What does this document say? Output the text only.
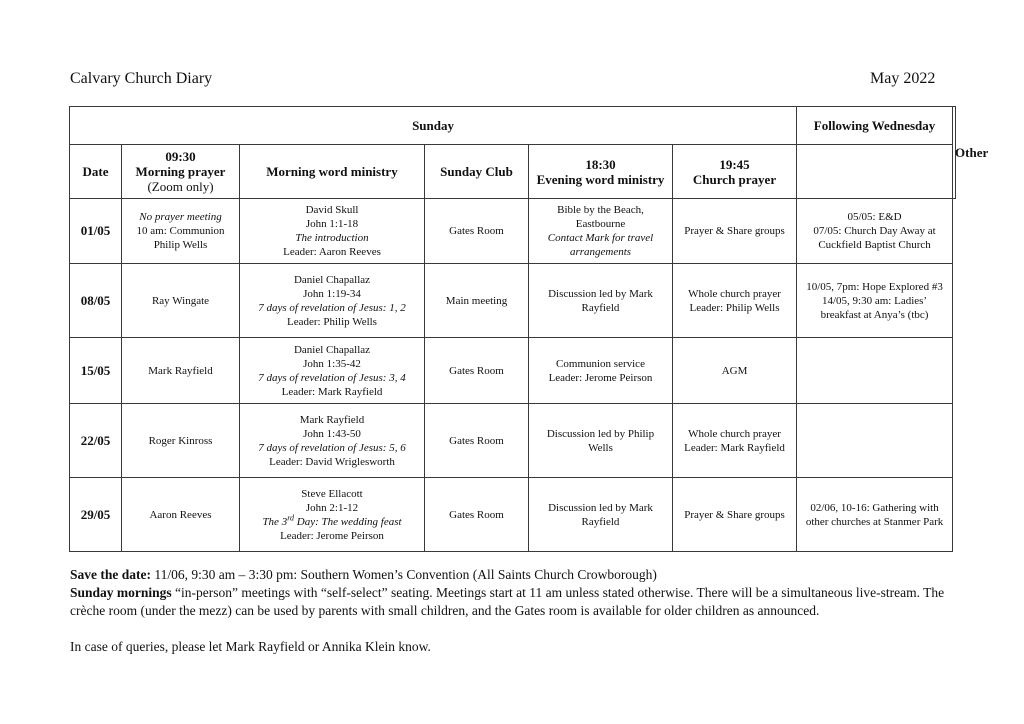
Calvary Church Diary	May 2022
Sunday						Following Wednesday	Other
Date	09:30
Morning prayer
(Zoom only)	Morning word ministry	Sunday Club	18:30
Evening word ministry	19:45
Church prayer		

01/05	No prayer meeting
10 am: Communion
Philip Wells	David Skull
John 1:1-18
The introduction
Leader: Aaron Reeves	Gates Room	Bible by the Beach,
Eastbourne
Contact Mark for travel
arrangements	Prayer & Share groups	05/05: E&D
07/05: Church Day Away at
Cuckfield Baptist Church	

08/05	Ray Wingate	Daniel Chapallaz
John 1:19-34
7 days of revelation of Jesus: 1, 2
Leader: Philip Wells	Main meeting	Discussion led by Mark
Rayfield	Whole church prayer
Leader: Philip Wells	10/05, 7pm: Hope Explored #3
14/05, 9:30 am: Ladies’
breakfast at Anya’s (tbc)	

15/05	Mark Rayfield	Daniel Chapallaz
John 1:35-42
7 days of revelation of Jesus: 3, 4
Leader: Mark Rayfield	Gates Room	Communion service
Leader: Jerome Peirson	AGM		
22/05	Roger Kinross	Mark Rayfield
John 1:43-50
7 days of revelation of Jesus: 5, 6
Leader: David Wriglesworth	Gates Room	Discussion led by Philip
Wells	Whole church prayer
Leader: Mark Rayfield		

29/05	Aaron Reeves	Steve Ellacott
John 2:1-12
The 3rd Day: The wedding feast
Leader: Jerome Peirson	Gates Room	Discussion led by Mark
Rayfield	Prayer & Share groups	02/06, 10-16: Gathering with
other churches at Stanmer Park	

Save the date: 11/06, 9:30 am – 3:30 pm: Southern Women’s Convention (All Saints Church Crowborough)

Sunday mornings “in-person” meetings with “self-select” seating. Meetings start at 11 am unless stated otherwise. There will be a simultaneous live-stream. The crèche room (under the mezz) can be used by parents with small children, and the Gates room is available for older children as announced.

In case of queries, please let Mark Rayfield or Annika Klein know.
